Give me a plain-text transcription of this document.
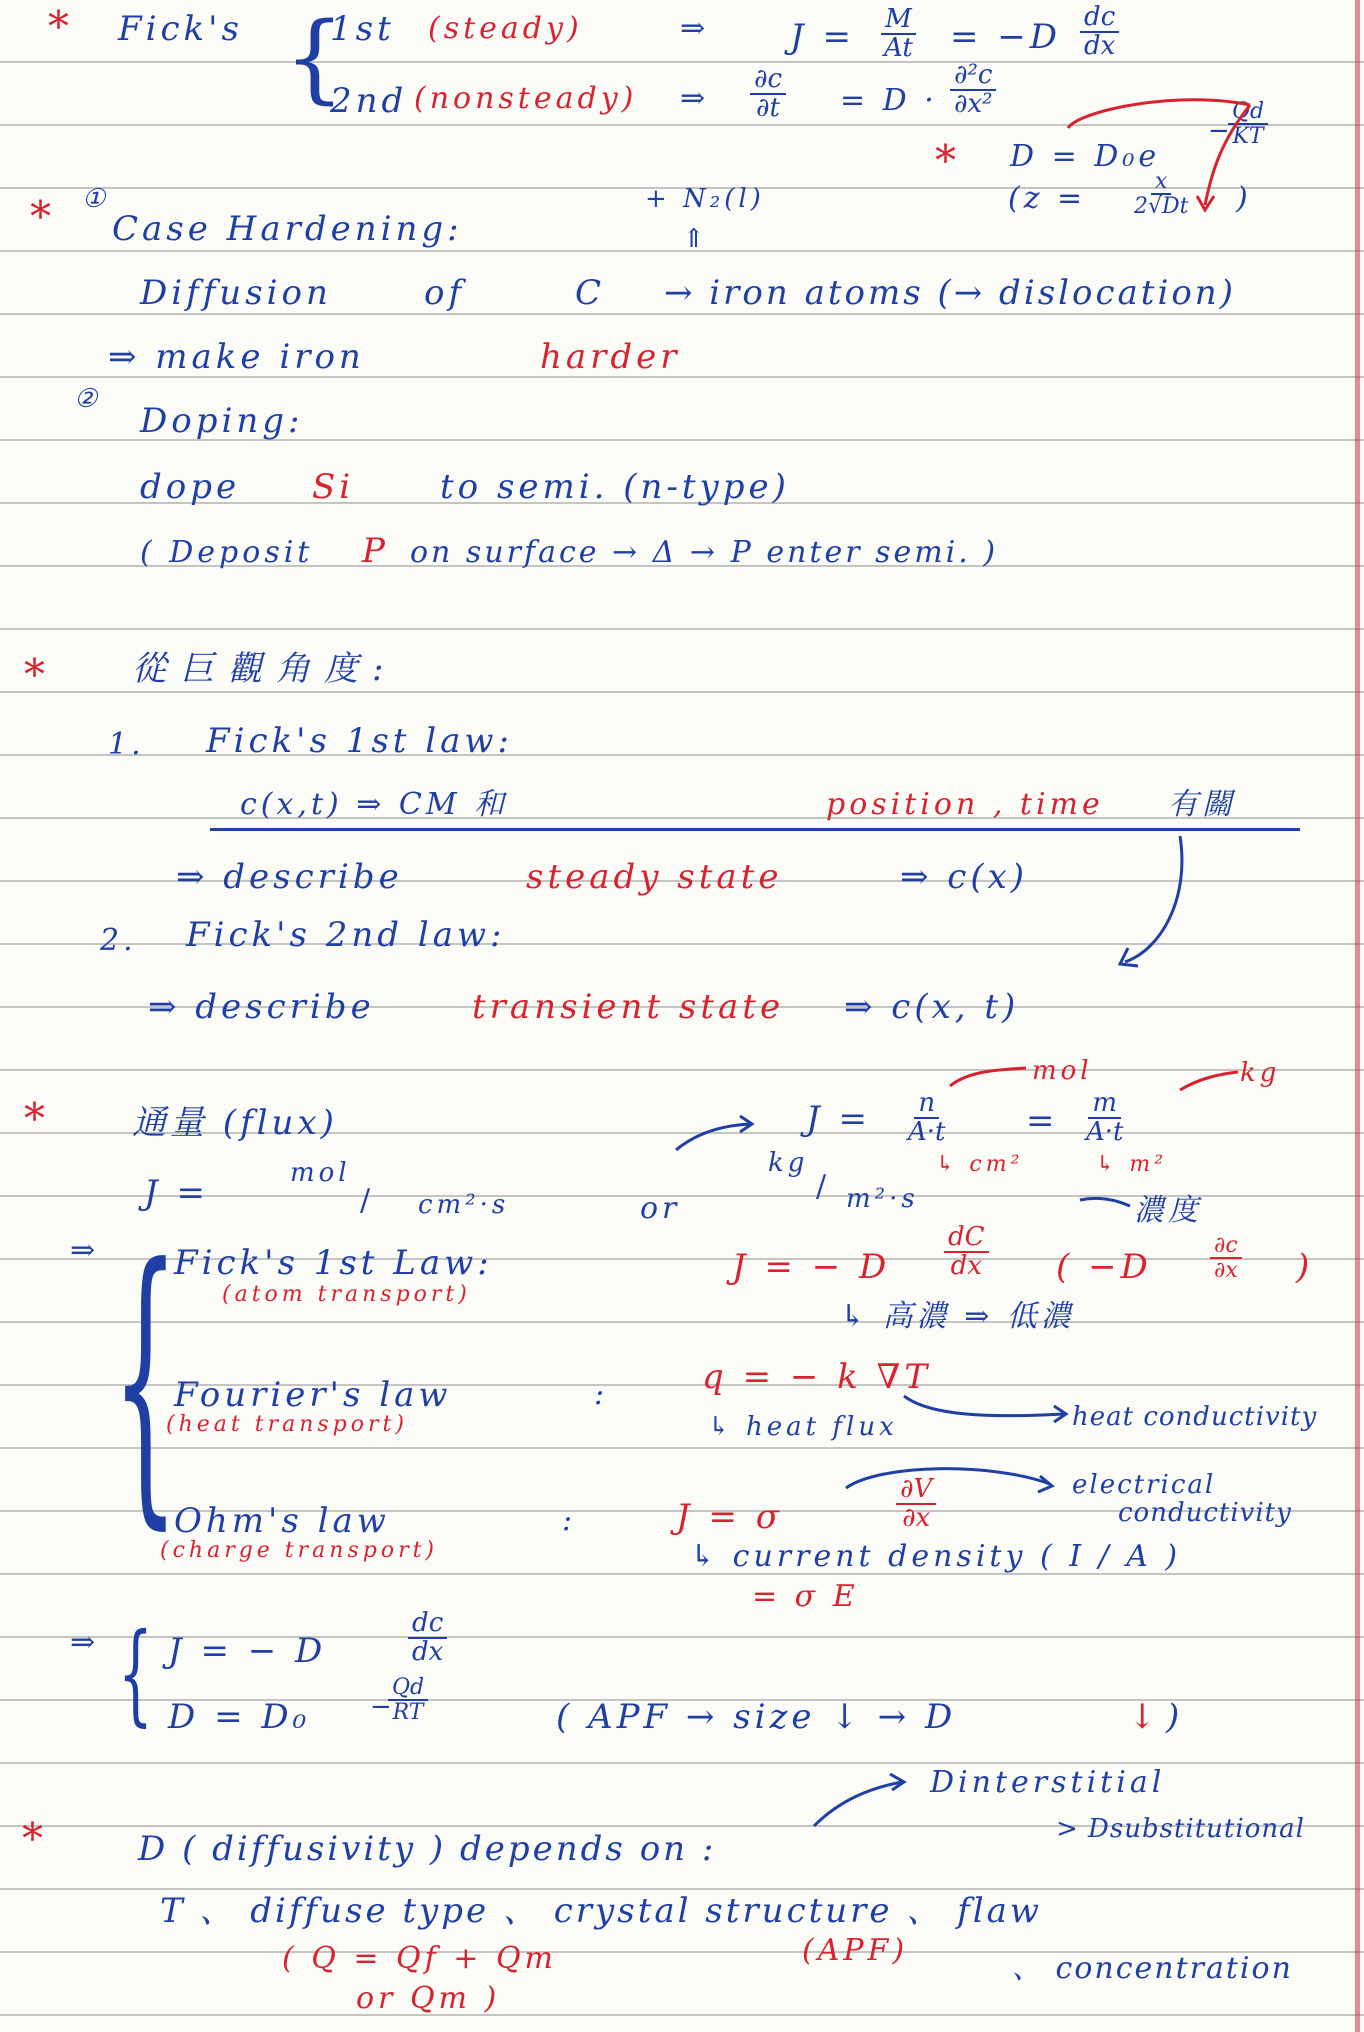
* Fick's {
1st (steady)	⇒ $J = \frac{M}{At} = -D \frac{dc}{dx}$
2nd (nonsteady) ⇒ $\frac{\partial c}{\partial t} = D \cdot \frac{\text{∂²c}}{\text{∂x²}}$
* D = D₀e
−
$\frac{Qd}{KT}$
($z = \frac{x}{2√Dt}$ )
* ①
Case Hardening:
+ N₂(l)
⇑
Diffusion	of	C → iron atoms (→ dislocation)
⇒ make iron	harder
②
Doping:
dope Si	to semi. (n-type)
( Deposit P on surface → Δ → P enter semi. )
*	從巨觀角度:
1. Fick's 1st law:
c(x,t) ⇒ CM 和	position , time 有關
⇒ describe	steady state	⇒ c(x)
2. Fick's 2nd law:
⇒ describe	transient state ⇒ c(x, t)
*	通量 (flux)
J =	mol
/ cm²·s	or
kg
/ m²·s
$J = \frac{n}{A\cdot t} = \frac{m}{A\cdot t}$
mol	kg
↳ cm²	↳ m²
濃度
⇒ {
Fick's 1st Law:
(atom transport)
J = − D $\frac{dC}{dx}$ ( −D	$\frac{\partial c}{\partial x}$ )
↳ 高濃 ⇒ 低濃
Fourier's law	:
(heat transport)
q = − k ∇T
↳ heat flux	heat conductivity
Ohm's law	:
(charge transport)
J = σ	$\frac{\partial V}{\partial x}$	electrical
conductivity
↳ current density ( I / A )
= σ E
⇒ { J = − D	$\frac{dc}{dx}$
D = D₀ −
$\frac{Qd}{RT}$	( APF → size ↓ → D	↓ )
Dinterstitial
> Dsubstitutional
*	D ( diffusivity ) depends on :
T 、 diffuse type 、 crystal structure 、 flaw
( Q = Qf + Qm
or Qm )
(APF)
、 concentration
